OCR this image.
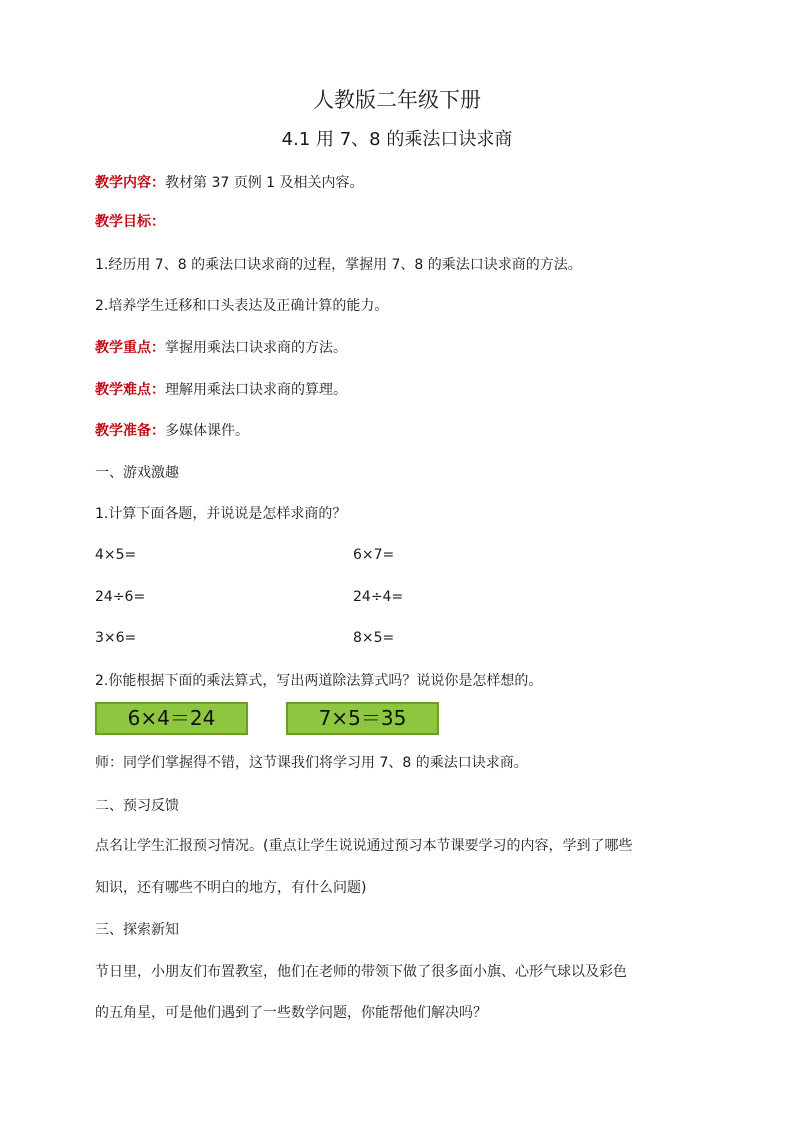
人教版二年级下册
4.1 用 7、8 的乘法口诀求商
教学内容：教材第 37 页例 1 及相关内容。
教学目标：
1.经历用 7、8 的乘法口诀求商的过程，掌握用 7、8 的乘法口诀求商的方法。
2.培养学生迁移和口头表达及正确计算的能力。
教学重点：掌握用乘法口诀求商的方法。
教学难点：理解用乘法口诀求商的算理。
教学准备：多媒体课件。
一、游戏激趣
1.计算下面各题，并说说是怎样求商的？
4×5=	6×7=
24÷6=	24÷4=
3×6=	8×5=
2.你能根据下面的乘法算式，写出两道除法算式吗？说说你是怎样想的。
6×4＝24	7×5＝35
师：同学们掌握得不错，这节课我们将学习用 7、8 的乘法口诀求商。
二、预习反馈
点名让学生汇报预习情况。(重点让学生说说通过预习本节课要学习的内容，学到了哪些
知识，还有哪些不明白的地方，有什么问题)
三、探索新知
节日里，小朋友们布置教室，他们在老师的带领下做了很多面小旗、心形气球以及彩色
的五角星，可是他们遇到了一些数学问题，你能帮他们解决吗？
